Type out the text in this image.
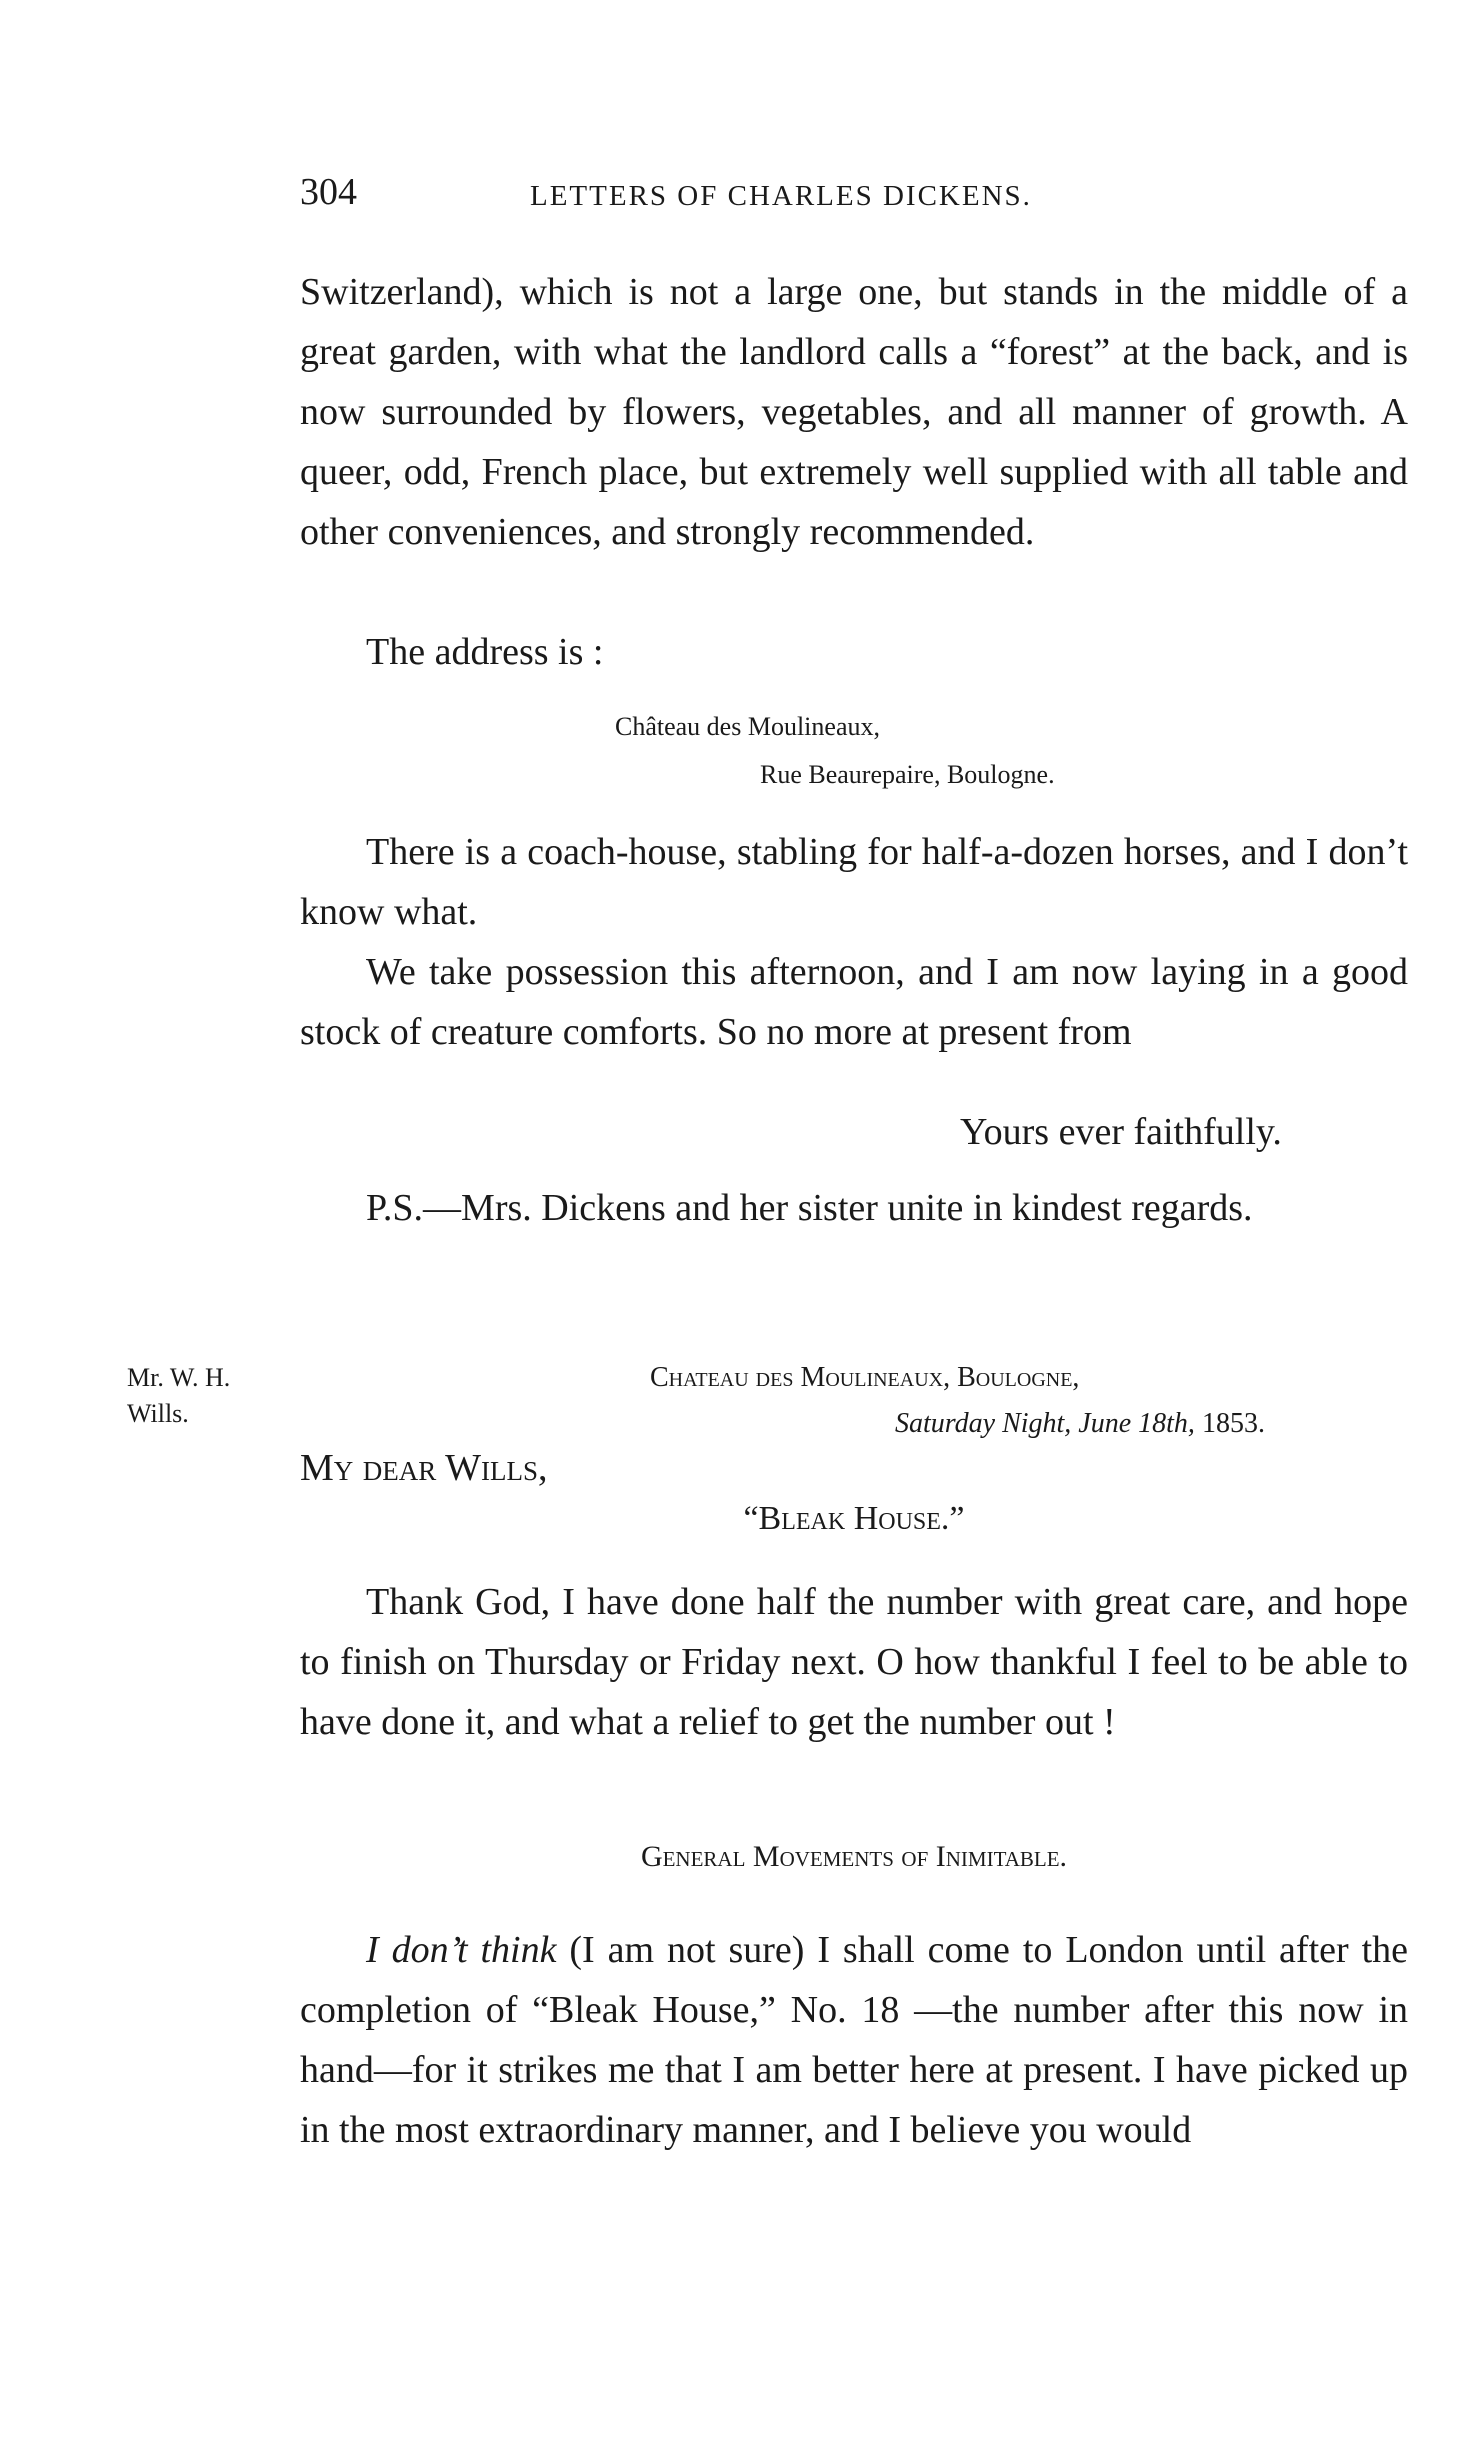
304	LETTERS OF CHARLES DICKENS.
Switzerland), which is not a large one, but stands in the middle of a great garden, with what the landlord calls a “forest” at the back, and is now surrounded by flowers, vegetables, and all manner of growth. A queer, odd, French place, but extremely well supplied with all table and other conveniences, and strongly recommended.
The address is :
Château des Moulineaux,
Rue Beaurepaire, Boulogne.
There is a coach-house, stabling for half-a-dozen horses, and I don’t know what.
We take possession this afternoon, and I am now laying in a good stock of creature comforts. So no more at present from
Yours ever faithfully.
P.S.—Mrs. Dickens and her sister unite in kindest regards.
Mr. W. H.
Wills.
Chateau des Moulineaux, Boulogne,
Saturday Night, June 18th, 1853.
My dear Wills,
“Bleak House.”
Thank God, I have done half the number with great care, and hope to finish on Thursday or Friday next. O how thankful I feel to be able to have done it, and what a relief to get the number out !
General Movements of Inimitable.
I don’t think (I am not sure) I shall come to London until after the completion of “Bleak House,” No. 18 —the number after this now in hand—for it strikes me that I am better here at present. I have picked up in the most extraordinary manner, and I believe you would
